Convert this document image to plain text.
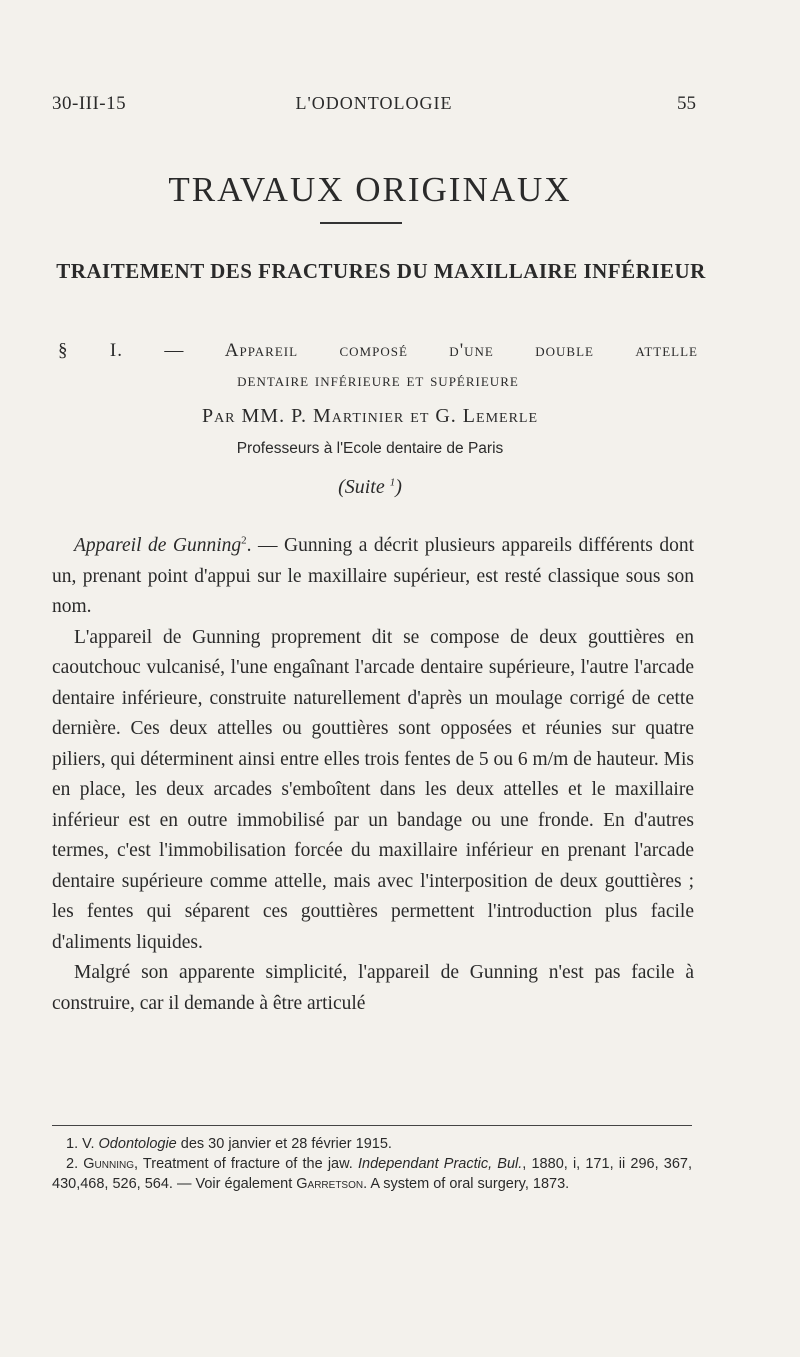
30-III-15	L'ODONTOLOGIE	55
TRAVAUX ORIGINAUX
TRAITEMENT DES FRACTURES DU MAXILLAIRE INFÉRIEUR
§ I. — Appareil composé d'une double attelle
dentaire inférieure et supérieure
Par MM. P. Martinier et G. Lemerle
Professeurs à l'Ecole dentaire de Paris
(Suite $^1$)

Appareil de Gunning$^2$. — Gunning a décrit plusieurs appareils différents dont un, prenant point d'appui sur le maxillaire supérieur, est resté classique sous son nom.

L'appareil de Gunning proprement dit se compose de deux gouttières en caoutchouc vulcanisé, l'une engaînant l'arcade dentaire supérieure, l'autre l'arcade dentaire inférieure, construite naturellement d'après un moulage corrigé de cette dernière. Ces deux attelles ou gouttières sont opposées et réunies sur quatre piliers, qui déterminent ainsi entre elles trois fentes de 5 ou 6 m/m de hauteur. Mis en place, les deux arcades s'emboîtent dans les deux attelles et le maxillaire inférieur est en outre immobilisé par un bandage ou une fronde. En d'autres termes, c'est l'immobilisation forcée du maxillaire inférieur en prenant l'arcade dentaire supérieure comme attelle, mais avec l'interposition de deux gouttières ; les fentes qui séparent ces gouttières permettent l'introduction plus facile d'aliments liquides.

Malgré son apparente simplicité, l'appareil de Gunning n'est pas facile à construire, car il demande à être articulé

1. V. Odontologie des 30 janvier et 28 février 1915.

2. Gunning, Treatment of fracture of the jaw. Independant Practic, Bul., 1880, i, 171, ii 296, 367, 430,468, 526, 564. — Voir également Garretson. A system of oral surgery, 1873.
